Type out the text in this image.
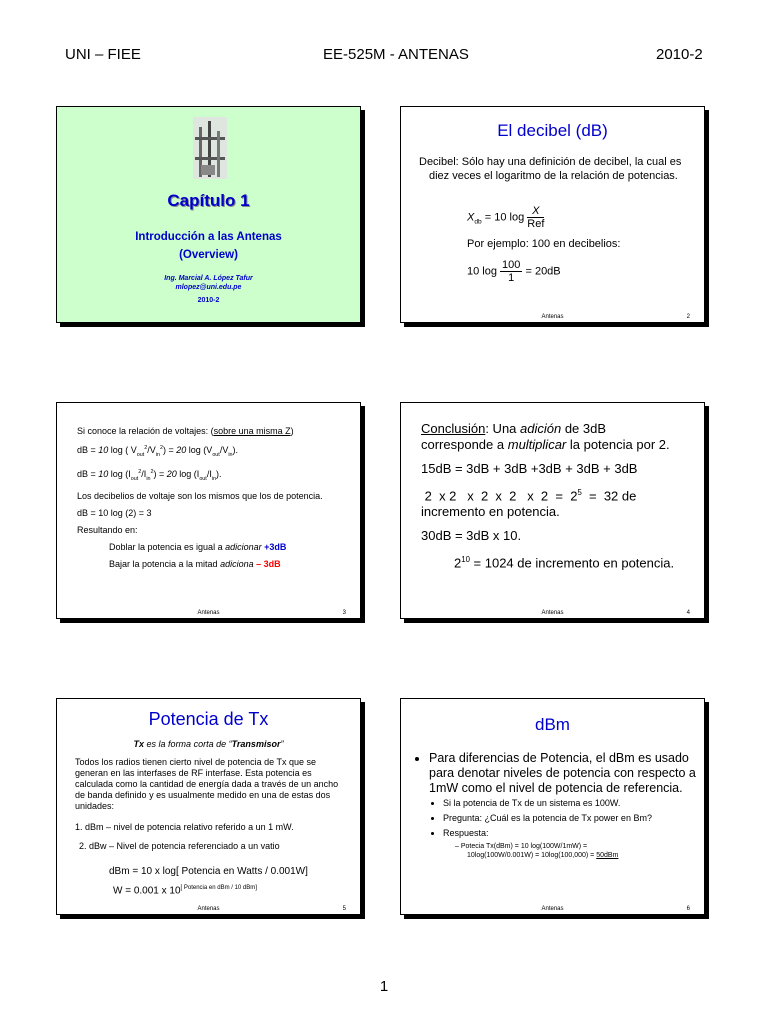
UNI – FIEE	EE-525M - ANTENAS	2010-2
Capítulo 1
Introducción a las Antenas
(Overview)
Ing. Marcial A. López Tafur
mlopez@uni.edu.pe
2010-2
El decibel (dB)
Decibel: Sólo hay una definición de decibel, la cual es diez veces el logaritmo de la relación de potencias.
$X_{db} = 10$ $\log \frac{X}{\text{Ref}}$
Por ejemplo: 100 en decibelios:
10 $\log \frac{100}{1} = 20dB$
Antenas	2
Si conoce la relación de voltajes: (sobre una misma Z)
dB = 10 log ( $V_{out}^2/V_{in}^2) = 20$ $\log (V_{out}/V_{in})$.
dB = 10 $\log (I_{out}^2/I_{in}^2) = 20$ $\log (I_{out}/I_{in})$.
Los decibelios de voltaje son los mismos que los de potencia.
dB = 10 log (2) = 3
Resultando en:
Doblar la potencia es igual a adicionar +3dB
Bajar la potencia a la mitad adiciona – 3dB
Antenas	3
Conclusión: Una adición de 3dB
corresponde a multiplicar la potencia por 2.
15dB = 3dB + 3dB +3dB + 3dB + 3dB
2  x 2   x  2  x  2   x  $2 = 2^5 = 32$ de
incremento en potencia.
30dB = 3dB x 10.
$2^{10} = 1024$ de incremento en potencia.
Antenas	4
Potencia de Tx
Tx es la forma corta de “Transmisor”
Todos los radios tienen cierto nivel de potencia de Tx que se generan en las interfases de RF interfase. Esta potencia es calculada como la cantidad de energía dada a través de un ancho de banda definido y es usualmente medido en una de estas dos unidades:
1. dBm – nivel de potencia relativo referido a un 1 mW.
2. dBw – Nivel de potencia referenciado a un vatio
dBm = 10 x log[ Potencia en Watts / 0.001W]
W = 0.001 x 10[ Potencia en dBm / 10 dBm]
Antenas	5
dBm
• Para diferencias de Potencia, el dBm es usado para denotar niveles de potencia con respecto a 1mW como el nivel de potencia de referencia.
• Si la potencia de Tx de un sistema es 100W.
• Pregunta: ¿Cuál es la potencia de Tx power en Bm?
• Respuesta:
– Potecia Tx(dBm) = 10 log(100W/1mW) =
10log(100W/0.001W) = 10log(100,000) = 50dBm
Antenas	6
1
